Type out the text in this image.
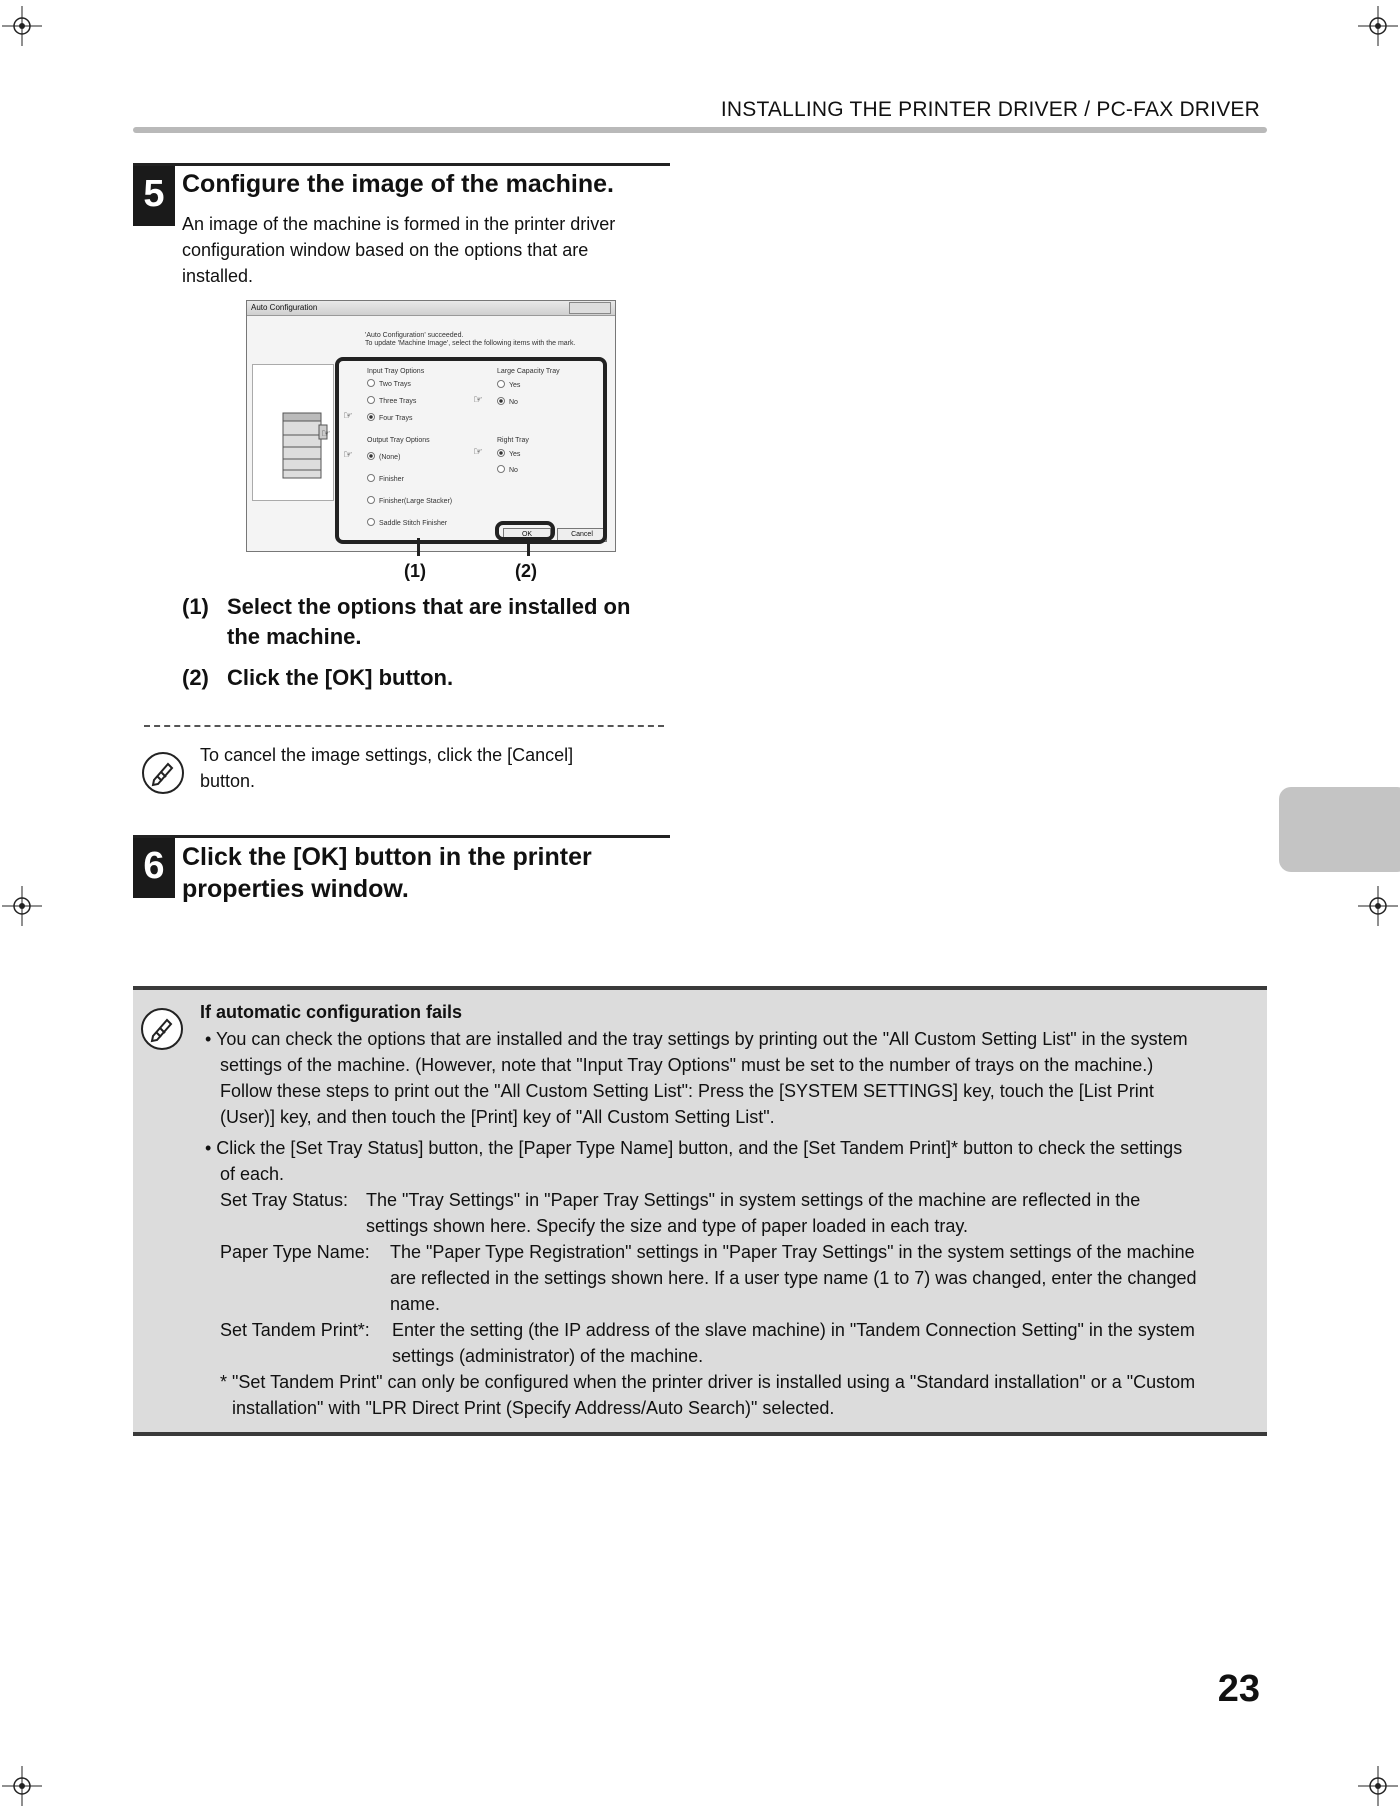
INSTALLING THE PRINTER DRIVER / PC-FAX DRIVER
5 Configure the image of the machine.
An image of the machine is formed in the printer driver
configuration window based on the options that are
installed.
Auto Configuration
'Auto Configuration' succeeded.
To update 'Machine Image', select the following items with the mark.
☞
Input Tray Options
Two Trays
Three Trays
Four Trays
☞
Large Capacity Tray
Yes
No
☞
Output Tray Options
(None)
Finisher
Finisher(Large Stacker)
Saddle Stitch Finisher
☞
Right Tray
Yes
No
☞
OK	Cancel
(1)	(2)
(1) Select the options that are installed on
the machine.
(2) Click the [OK] button.
To cancel the image settings, click the [Cancel]
button.
6 Click the [OK] button in the printer
properties window.
If automatic configuration fails
• You can check the options that are installed and the tray settings by printing out the "All Custom Setting List" in the system
settings of the machine. (However, note that "Input Tray Options" must be set to the number of trays on the machine.)
Follow these steps to print out the "All Custom Setting List": Press the [SYSTEM SETTINGS] key, touch the [List Print
(User)] key, and then touch the [Print] key of "All Custom Setting List".
• Click the [Set Tray Status] button, the [Paper Type Name] button, and the [Set Tandem Print]* button to check the settings
of each.
Set Tray Status: The "Tray Settings" in "Paper Tray Settings" in system settings of the machine are reflected in the
settings shown here. Specify the size and type of paper loaded in each tray.
Paper Type Name: The "Paper Type Registration" settings in "Paper Tray Settings" in the system settings of the machine
are reflected in the settings shown here. If a user type name (1 to 7) was changed, enter the changed
name.
Set Tandem Print*: Enter the setting (the IP address of the slave machine) in "Tandem Connection Setting" in the system
settings (administrator) of the machine.
* "Set Tandem Print" can only be configured when the printer driver is installed using a "Standard installation" or a "Custom
installation" with "LPR Direct Print (Specify Address/Auto Search)" selected.
23
